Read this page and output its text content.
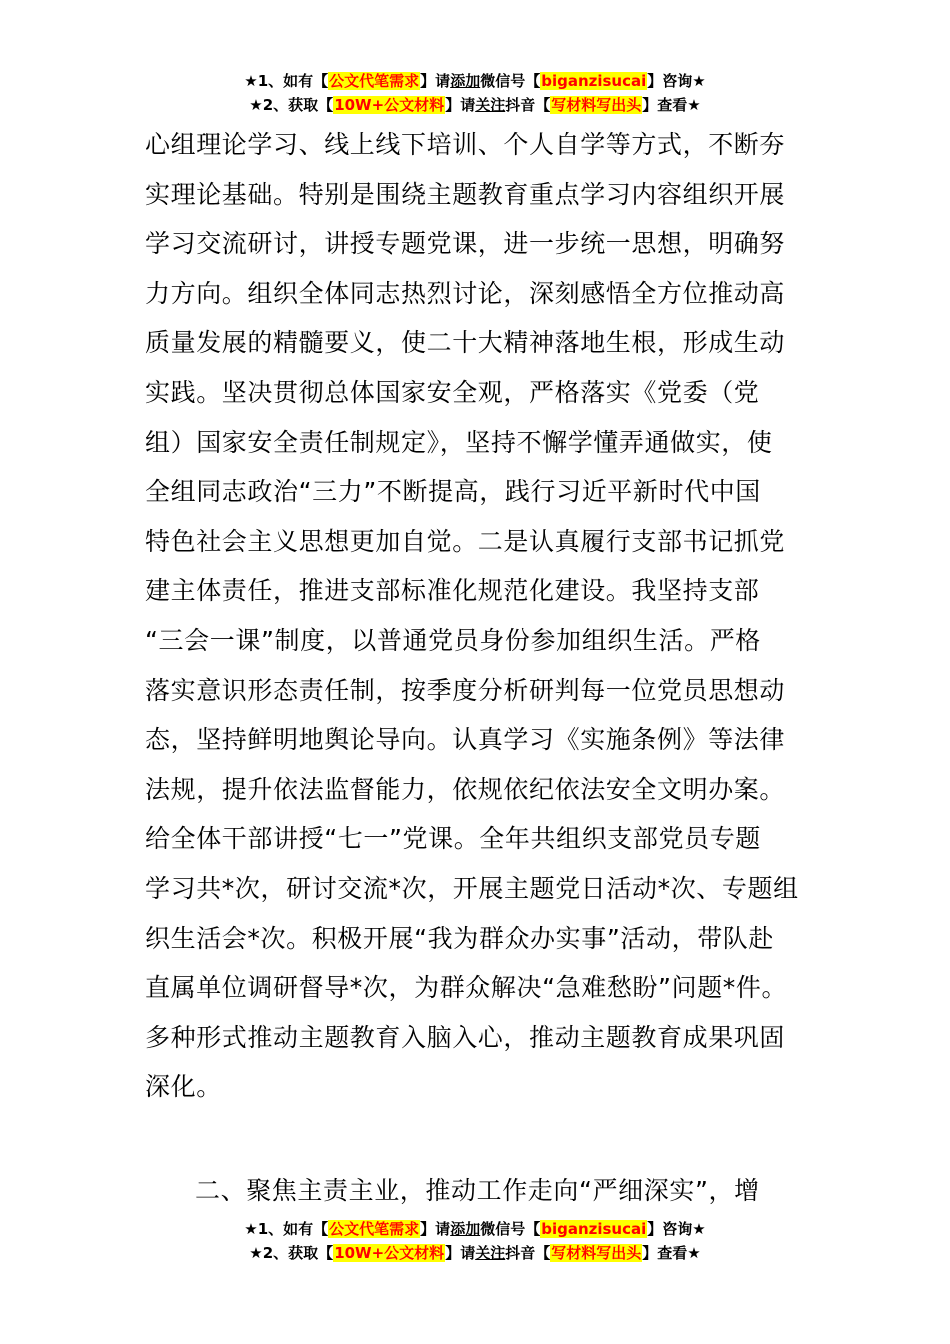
★1、如有【公文代笔需求】请添加微信号【biganzisucai】咨询★
★2、获取【10W+公文材料】请关注抖音【写材料写出头】查看★
心组理论学习、线上线下培训、个人自学等方式，不断夯
实理论基础。特别是围绕主题教育重点学习内容组织开展
学习交流研讨，讲授专题党课，进一步统一思想，明确努
力方向。组织全体同志热烈讨论，深刻感悟全方位推动高
质量发展的精髓要义，使二十大精神落地生根，形成生动
实践。坚决贯彻总体国家安全观，严格落实《党委（党
组）国家安全责任制规定》，坚持不懈学懂弄通做实，使
全组同志政治“三力”不断提高，践行习近平新时代中国
特色社会主义思想更加自觉。二是认真履行支部书记抓党
建主体责任，推进支部标准化规范化建设。我坚持支部
“三会一课”制度，以普通党员身份参加组织生活。严格
落实意识形态责任制，按季度分析研判每一位党员思想动
态，坚持鲜明地舆论导向。认真学习《实施条例》等法律
法规，提升依法监督能力，依规依纪依法安全文明办案。
给全体干部讲授“七一”党课。全年共组织支部党员专题
学习共*次，研讨交流*次，开展主题党日活动*次、专题组
织生活会*次。积极开展“我为群众办实事”活动，带队赴
直属单位调研督导*次，为群众解决“急难愁盼”问题*件。
多种形式推动主题教育入脑入心，推动主题教育成果巩固
深化。
二、聚焦主责主业，推动工作走向“严细深实”，增
★1、如有【公文代笔需求】请添加微信号【biganzisucai】咨询★
★2、获取【10W+公文材料】请关注抖音【写材料写出头】查看★
